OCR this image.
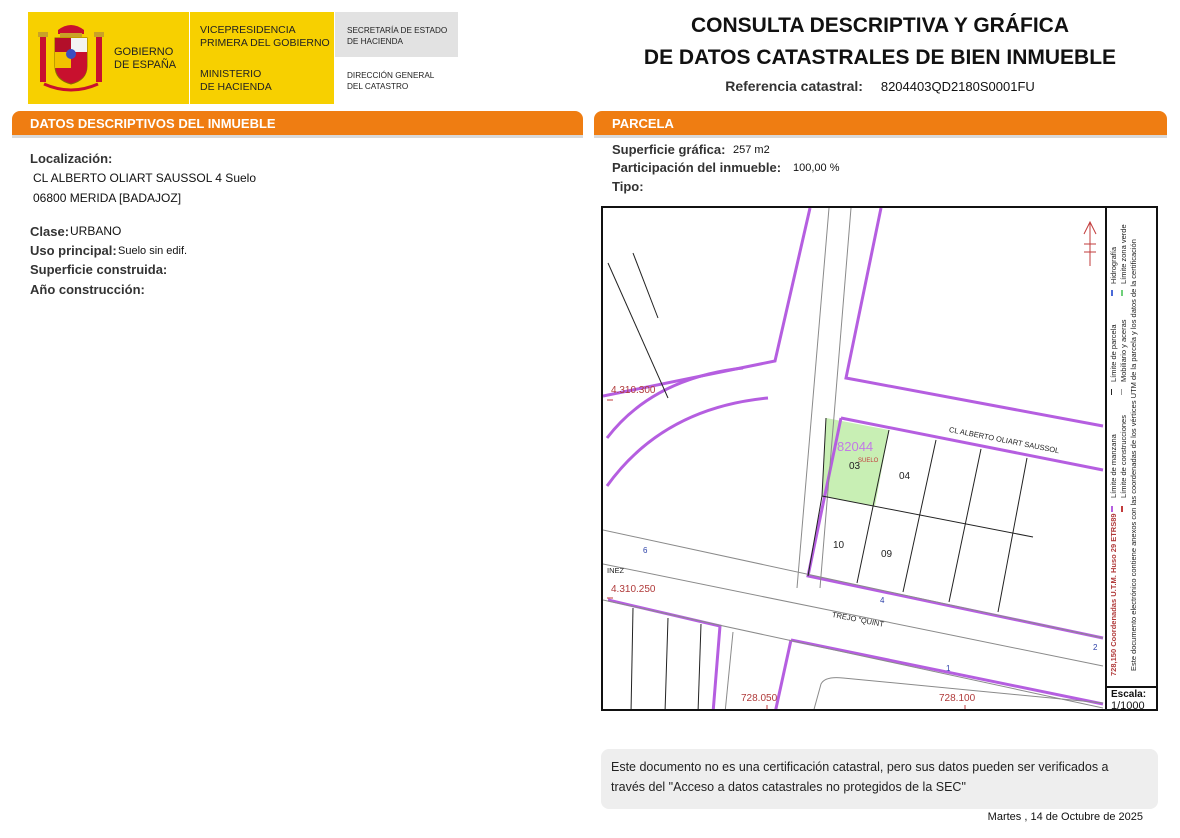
GOBIERNO
DE ESPAÑA
VICEPRESIDENCIA
PRIMERA DEL GOBIERNO
MINISTERIO
DE HACIENDA
SECRETARÍA DE ESTADO
DE HACIENDA
DIRECCIÓN GENERAL
DEL CATASTRO
CONSULTA DESCRIPTIVA Y GRÁFICA
DE DATOS CATASTRALES DE BIEN INMUEBLE
Referencia catastral: 8204403QD2180S0001FU
DATOS DESCRIPTIVOS DEL INMUEBLE	PARCELA
Localización:
CL ALBERTO OLIART SAUSSOL 4 Suelo
06800 MERIDA [BADAJOZ]
Clase: URBANO
Uso principal: Suelo sin edif.
Superficie construida:
Año construcción:
Superficie gráfica: 257 m2
Participación del inmueble: 100,00 %
Tipo:
4.310.300
4.310.250
728.050	728.100
CL ALBERTO OLIART SAUSSOL
TREJO "QUINT
INEZ
82044
03
SUELO
04
10
09
6
4
2
1	728,150 Coordenadas U.T.M. Huso 29 ETRS89
Límite de manzana
Límite de parcela
Hidrografía
Límite de construcciones
Mobiliario y aceras
Límite zona verde Este documento electrónico contiene anexos con las coordenadas de los vértices UTM de la parcela y los datos de la certificación
Escala:
1/1000
Este documento no es una certificación catastral, pero sus datos pueden ser verificados a través del "Acceso a datos catastrales no protegidos de la SEC"
Martes , 14 de Octubre de 2025
